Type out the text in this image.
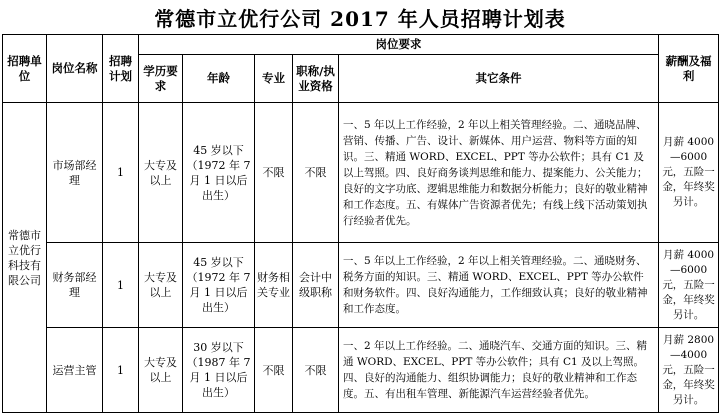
常德市立优行公司 2017 年人员招聘计划表
招聘单位	岗位名称	招聘计划	岗位要求					薪酬及福利
			学历要求	年龄	专业	职称/执业资格	其它条件	
常德市立优行科技有限公司	市场部经理	1	大专及以上	45 岁以下（1972 年 7 月 1 日以后出生）	不限	不限	一、5 年以上工作经验，2 年以上相关管理经验。二、通晓品牌、营销、传播、广告、设计、新媒体、用户运营、物料等方面的知识。三、精通 WORD、EXCEL、PPT 等办公软件；具有 C1 及以上驾照。四、良好商务谈判思维和能力、提案能力、公关能力；良好的文字功底、逻辑思维能力和数据分析能力；良好的敬业精神和工作态度。五、有媒体广告资源者优先；有线上线下活动策划执行经验者优先。	月薪 4000—6000 元，五险一金，年终奖另计。
	财务部经理	1	大专及以上	45 岁以下（1972 年 7 月 1 日以后出生）	财务相关专业	会计中级职称	一、5 年以上工作经验，2 年以上相关管理经验。二、通晓财务、税务方面的知识。三、精通 WORD、EXCEL、PPT 等办公软件和财务软件。四、良好沟通能力，工作细致认真；良好的敬业精神和工作态度。	月薪 4000—6000 元，五险一金，年终奖另计。
	运营主管	1	大专及以上	30 岁以下（1987 年 7 月 1 日以后出生）	不限	不限	一、2 年以上工作经验。二、通晓汽车、交通方面的知识。三、精通 WORD、EXCEL、PPT 等办公软件；具有 C1 及以上驾照。四、良好的沟通能力、组织协调能力；良好的敬业精神和工作态度。五、有出租车管理、新能源汽车运营经验者优先。	月薪 2800—4000 元，五险一金，年终奖另计。
